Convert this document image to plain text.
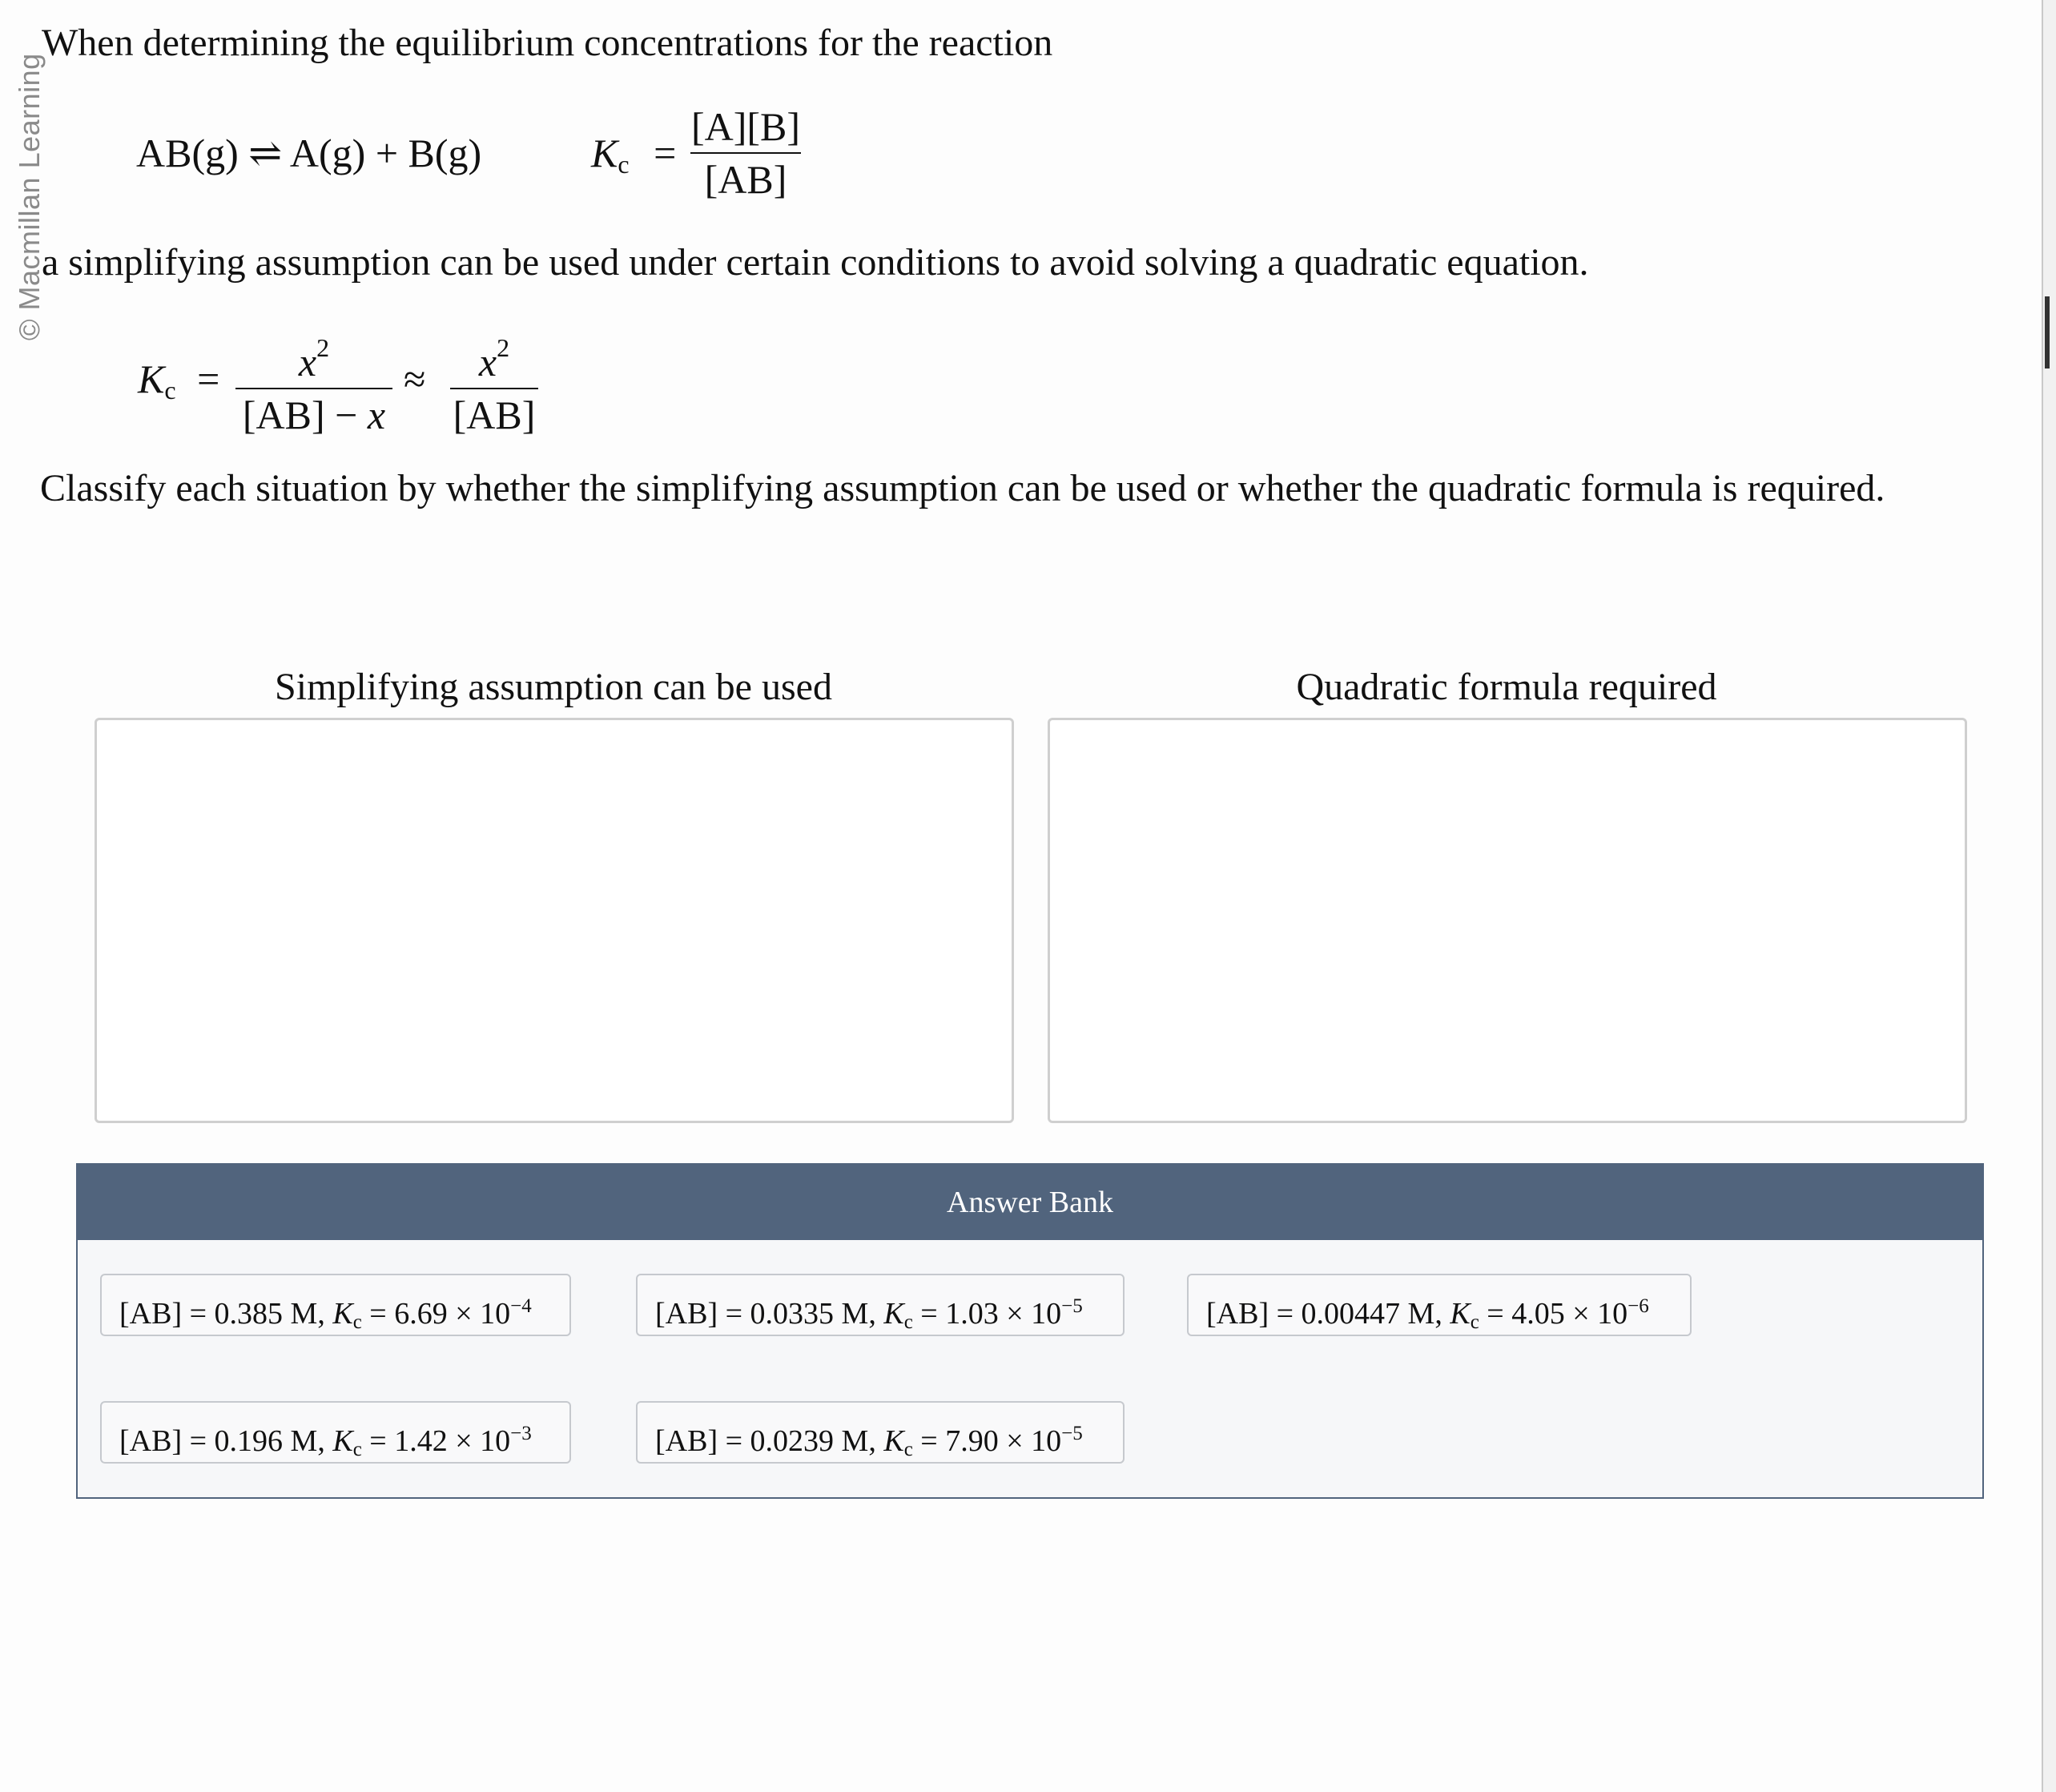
© Macmillan Learning
When determining the equilibrium concentrations for the reaction
AB(g) ⇌ A(g) + B(g)	$K_c$ =
[A][B]
[AB]
a simplifying assumption can be used under certain conditions to avoid solving a quadratic equation.
$K_c$ =	$x^2$
[AB] − x
≈	$x^2$
[AB]
Classify each situation by whether the simplifying assumption can be used or whether the quadratic formula is required.
Simplifying assumption can be used	Quadratic formula required
Answer Bank
[AB] = 0.385 M, $K_c = 6.69 \times 10^{-4}$	[AB] = 0.0335 M, $K_c = 1.03 \times 10^{-5}$	[AB] = 0.00447 M, $K_c = 4.05 \times 10^{-6}$
[AB] = 0.196 M, $K_c = 1.42 \times 10^{-3}$	[AB] = 0.0239 M, $K_c = 7.90 \times 10^{-5}$
